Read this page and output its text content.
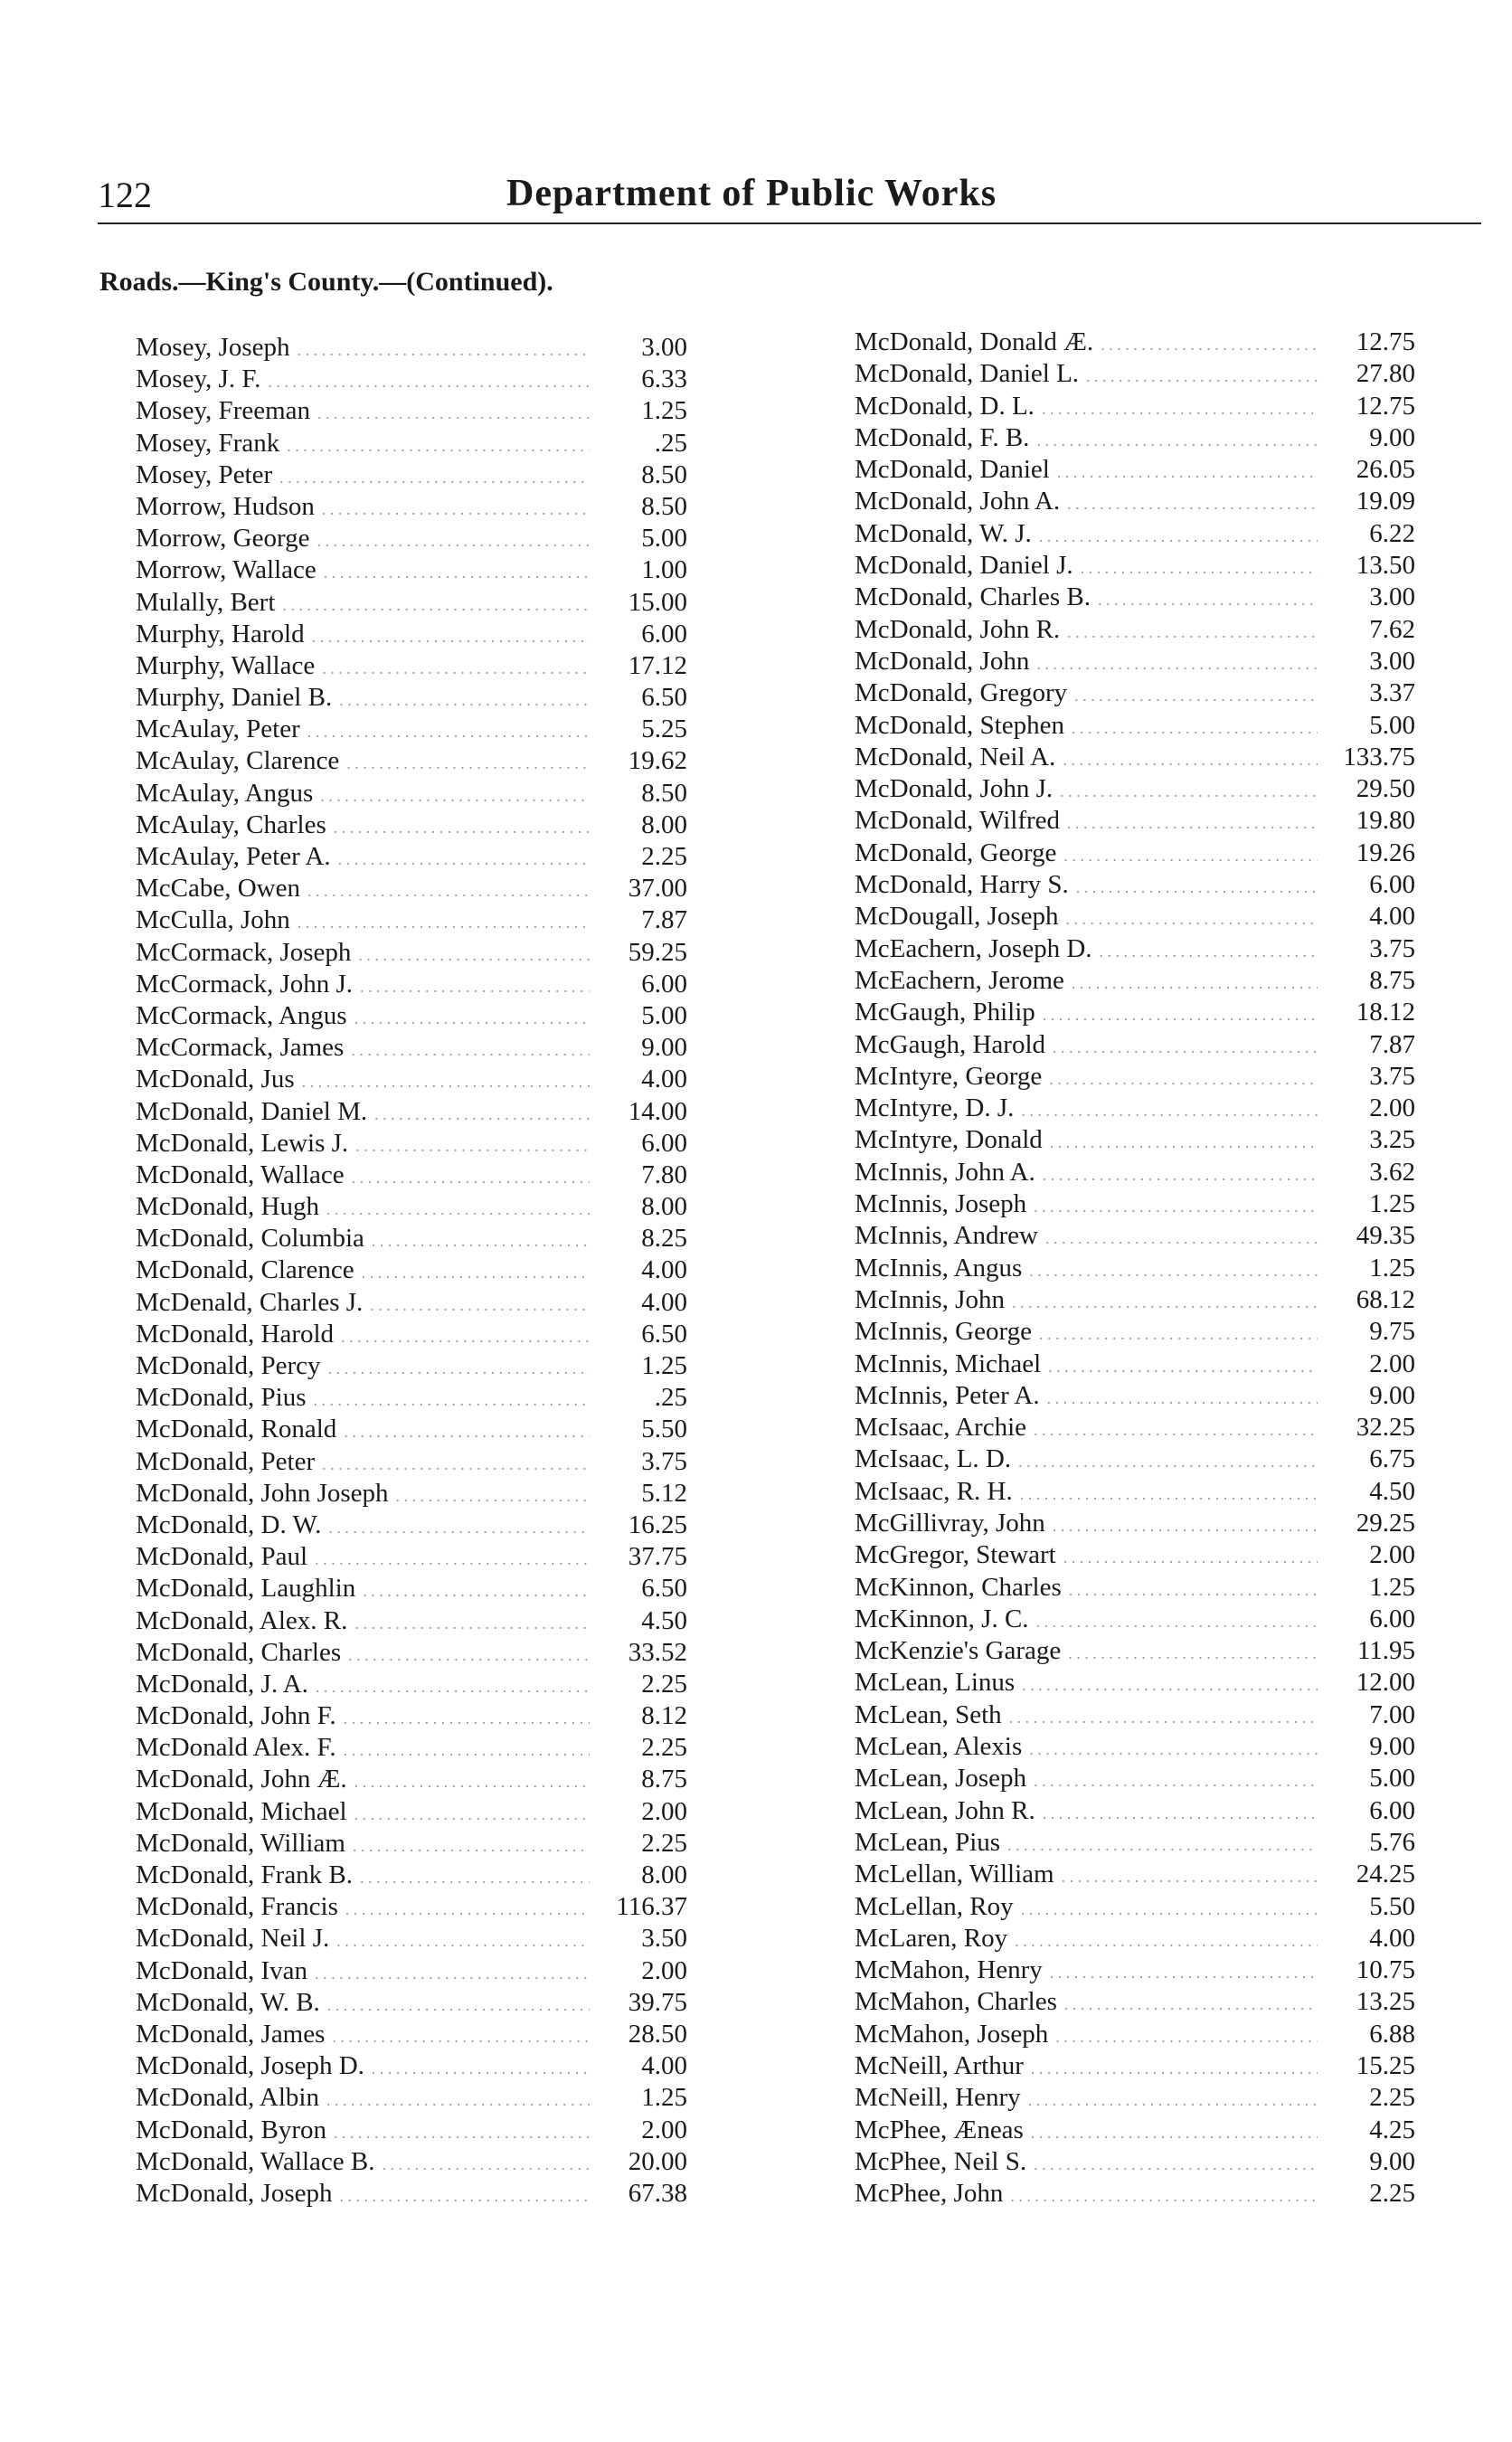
122	Department of Public Works
Roads.—King's County.—(Continued).
Mosey, Joseph . . .	3.00
Mosey, J. F. . . .	6.33
Mosey, Freeman . . .	1.25
Mosey, Frank . . .	.25
Mosey, Peter . . .	8.50
Morrow, Hudson . . .	8.50
Morrow, George . . .	5.00
Morrow, Wallace . . .	1.00
Mulally, Bert . . .	15.00
Murphy, Harold . . .	6.00
Murphy, Wallace . . .	17.12
Murphy, Daniel B. . . .	6.50
McAulay, Peter . . .	5.25
McAulay, Clarence . . .	19.62
McAulay, Angus . . .	8.50
McAulay, Charles . . .	8.00
McAulay, Peter A. . . .	2.25
McCabe, Owen . . .	37.00
McCulla, John . . .	7.87
McCormack, Joseph . . .	59.25
McCormack, John J. . . .	6.00
McCormack, Angus . . .	5.00
McCormack, James . . .	9.00
McDonald, Jus . . .	4.00
McDonald, Daniel M. . . .	14.00
McDonald, Lewis J. . . .	6.00
McDonald, Wallace . . .	7.80
McDonald, Hugh . . .	8.00
McDonald, Columbia . . .	8.25
McDonald, Clarence . . .	4.00
McDenald, Charles J. . . .	4.00
McDonald, Harold . . .	6.50
McDonald, Percy . . .	1.25
McDonald, Pius . . .	.25
McDonald, Ronald . . .	5.50
McDonald, Peter . . .	3.75
McDonald, John Joseph . . .	5.12
McDonald, D. W. . . .	16.25
McDonald, Paul . . .	37.75
McDonald, Laughlin . . .	6.50
McDonald, Alex. R. . . .	4.50
McDonald, Charles . . .	33.52
McDonald, J. A. . . .	2.25
McDonald, John F. . . .	8.12
McDonald Alex. F. . . .	2.25
McDonald, John Æ. . . .	8.75
McDonald, Michael . . .	2.00
McDonald, William . . .	2.25
McDonald, Frank B. . . .	8.00
McDonald, Francis . . .	116.37
McDonald, Neil J. . . .	3.50
McDonald, Ivan . . .	2.00
McDonald, W. B. . . .	39.75
McDonald, James . . .	28.50
McDonald, Joseph D. . . .	4.00
McDonald, Albin . . .	1.25
McDonald, Byron . . .	2.00
McDonald, Wallace B. . . .	20.00
McDonald, Joseph . . .	67.38
McDonald, Donald Æ. . . .	12.75
McDonald, Daniel L. . . .	27.80
McDonald, D. L. . . .	12.75
McDonald, F. B. . . .	9.00
McDonald, Daniel . . .	26.05
McDonald, John A. . . .	19.09
McDonald, W. J. . . .	6.22
McDonald, Daniel J. . . .	13.50
McDonald, Charles B. . . .	3.00
McDonald, John R. . . .	7.62
McDonald, John . . .	3.00
McDonald, Gregory . . .	3.37
McDonald, Stephen . . .	5.00
McDonald, Neil A. . . .	133.75
McDonald, John J. . . .	29.50
McDonald, Wilfred . . .	19.80
McDonald, George . . .	19.26
McDonald, Harry S. . . .	6.00
McDougall, Joseph . . .	4.00
McEachern, Joseph D. . . .	3.75
McEachern, Jerome . . .	8.75
McGaugh, Philip . . .	18.12
McGaugh, Harold . . .	7.87
McIntyre, George . . .	3.75
McIntyre, D. J. . . .	2.00
McIntyre, Donald . . .	3.25
McInnis, John A. . . .	3.62
McInnis, Joseph . . .	1.25
McInnis, Andrew . . .	49.35
McInnis, Angus . . .	1.25
McInnis, John . . .	68.12
McInnis, George . . .	9.75
McInnis, Michael . . .	2.00
McInnis, Peter A. . . .	9.00
McIsaac, Archie . . .	32.25
McIsaac, L. D. . . .	6.75
McIsaac, R. H. . . .	4.50
McGillivray, John . . .	29.25
McGregor, Stewart . . .	2.00
McKinnon, Charles . . .	1.25
McKinnon, J. C. . . .	6.00
McKenzie's Garage . . .	11.95
McLean, Linus . . .	12.00
McLean, Seth . . .	7.00
McLean, Alexis . . .	9.00
McLean, Joseph . . .	5.00
McLean, John R. . . .	6.00
McLean, Pius . . .	5.76
McLellan, William . . .	24.25
McLellan, Roy . . .	5.50
McLaren, Roy . . .	4.00
McMahon, Henry . . .	10.75
McMahon, Charles . . .	13.25
McMahon, Joseph . . .	6.88
McNeill, Arthur . . .	15.25
McNeill, Henry . . .	2.25
McPhee, Æneas . . .	4.25
McPhee, Neil S. . . .	9.00
McPhee, John . . .	2.25
